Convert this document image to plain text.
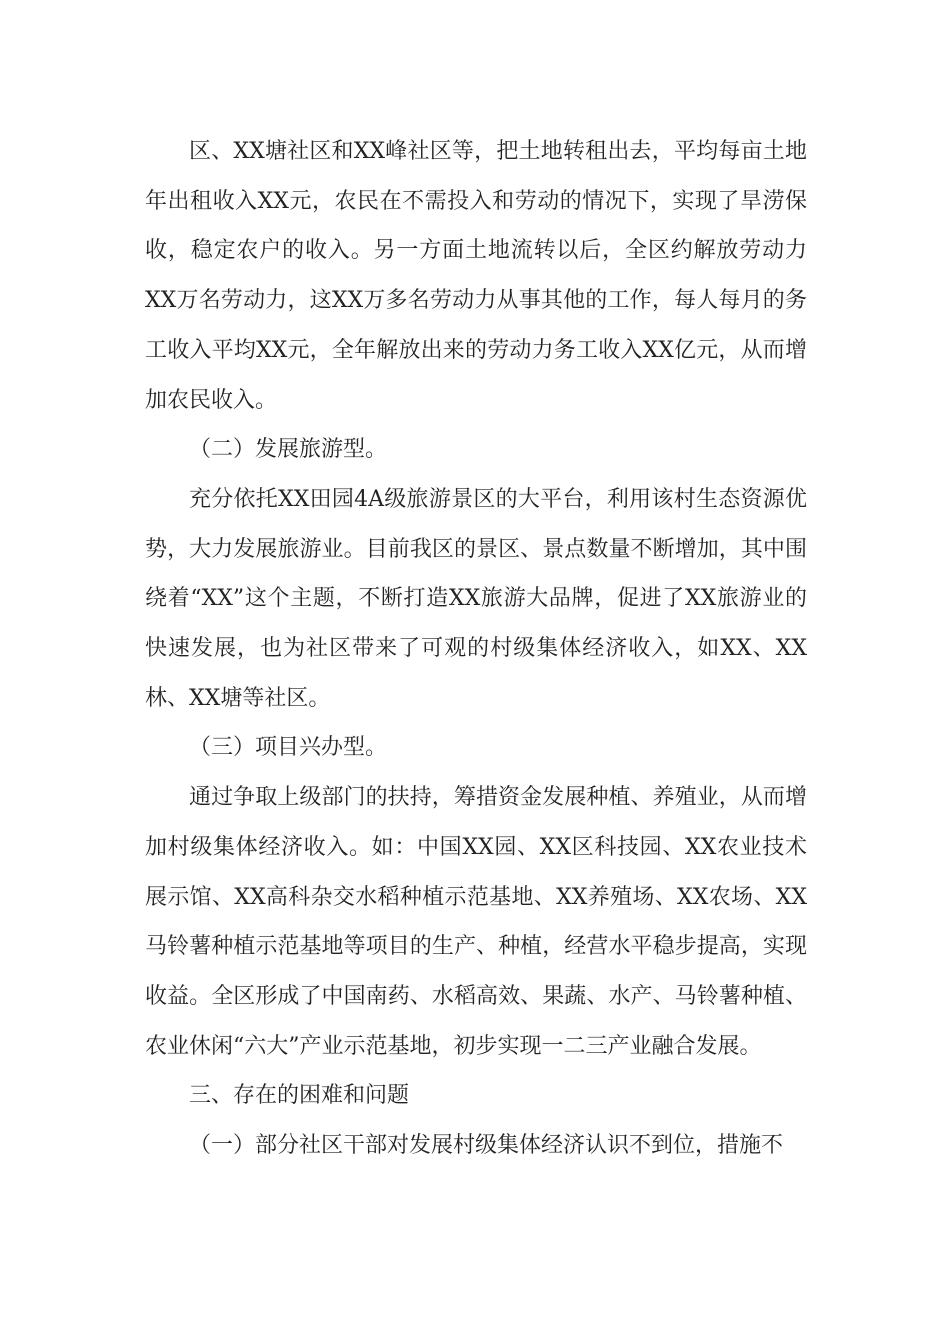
区、XX塘社区和XX峰社区等，把土地转租出去，平均每亩土地年出租收入XX元，农民在不需投入和劳动的情况下，实现了旱涝保收，稳定农户的收入。另一方面土地流转以后，全区约解放劳动力XX万名劳动力，这XX万多名劳动力从事其他的工作，每人每月的务工收入平均XX元，全年解放出来的劳动力务工收入XX亿元，从而增加农民收入。

（二）发展旅游型。

充分依托XX田园4A级旅游景区的大平台，利用该村生态资源优势，大力发展旅游业。目前我区的景区、景点数量不断增加，其中围绕着“XX”这个主题，不断打造XX旅游大品牌，促进了XX旅游业的快速发展，也为社区带来了可观的村级集体经济收入，如XX、XX林、XX塘等社区。

（三）项目兴办型。

通过争取上级部门的扶持，筹措资金发展种植、养殖业，从而增加村级集体经济收入。如：中国XX园、XX区科技园、XX农业技术展示馆、XX高科杂交水稻种植示范基地、XX养殖场、XX农场、XX马铃薯种植示范基地等项目的生产、种植，经营水平稳步提高，实现收益。全区形成了中国南药、水稻高效、果蔬、水产、马铃薯种植、农业休闲“六大”产业示范基地，初步实现一二三产业融合发展。

三、存在的困难和问题

（一）部分社区干部对发展村级集体经济认识不到位，措施不
